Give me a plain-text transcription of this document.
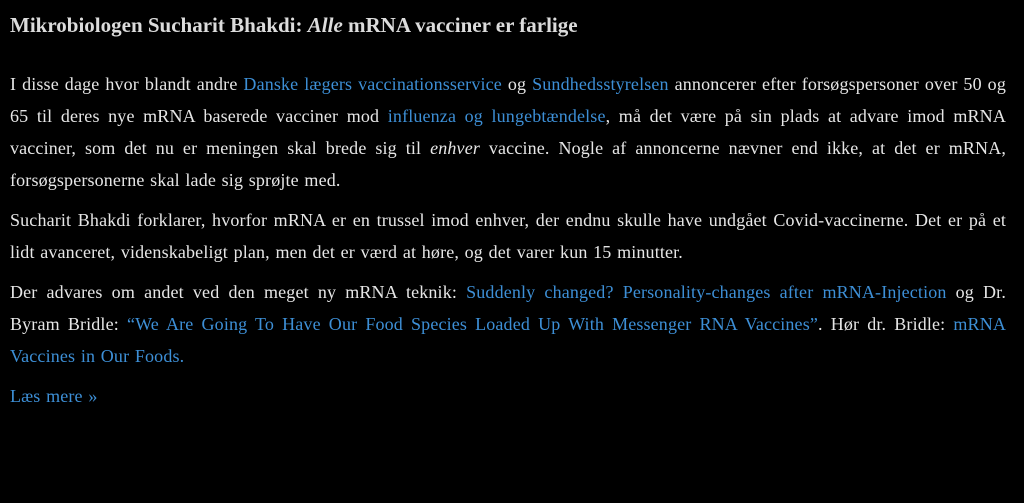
Mikrobiologen Sucharit Bhakdi: Alle mRNA vacciner er farlige

I disse dage hvor blandt andre Danske lægers vaccinationsservice og Sundhedsstyrelsen annoncerer efter forsøgspersoner over 50 og 65 til deres nye mRNA baserede vacciner mod influenza og lungebtændelse, må det være på sin plads at advare imod mRNA vacciner, som det nu er meningen skal brede sig til enhver vaccine. Nogle af annoncerne nævner end ikke, at det er mRNA, forsøgspersonerne skal lade sig sprøjte med.

Sucharit Bhakdi forklarer, hvorfor mRNA er en trussel imod enhver, der endnu skulle have undgået Covid-vaccinerne. Det er på et lidt avanceret, videnskabeligt plan, men det er værd at høre, og det varer kun 15 minutter.

Der advares om andet ved den meget ny mRNA teknik: Suddenly changed? Personality-changes after mRNA-Injection og Dr. Byram Bridle: “We Are Going To Have Our Food Species Loaded Up With Messenger RNA Vaccines”. Hør dr. Bridle: mRNA Vaccines in Our Foods.

Læs mere »
